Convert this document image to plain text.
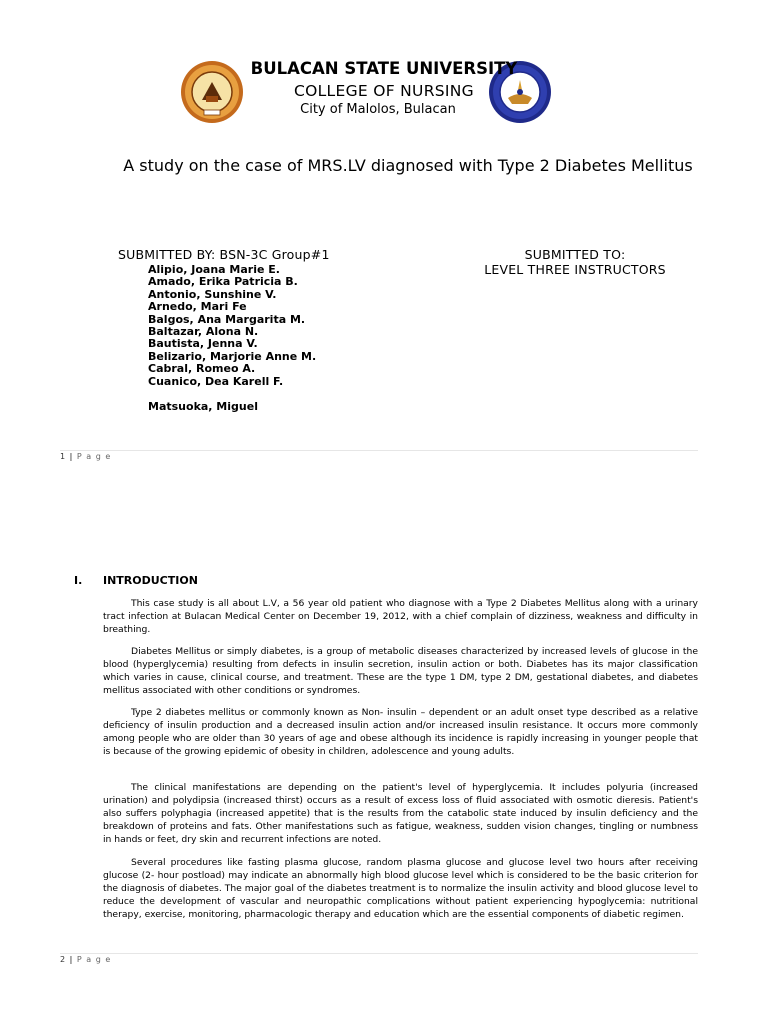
BULACAN STATE UNIVERSITY
COLLEGE OF NURSING
City of Malolos, Bulacan
A study on the case of MRS.LV diagnosed with Type 2 Diabetes Mellitus
SUBMITTED BY: BSN-3C Group#1	SUBMITTED TO:
LEVEL THREE INSTRUCTORS
Alipio, Joana Marie E.
Amado, Erika Patricia B.
Antonio, Sunshine V.
Arnedo, Mari Fe
Balgos, Ana Margarita M.
Baltazar, Alona N.
Bautista, Jenna V.
Belizario, Marjorie Anne M.
Cabral, Romeo A.
Cuanico, Dea Karell F.
Matsuoka, Miguel
1 | P a g e
I. INTRODUCTION

This case study is all about L.V, a 56 year old patient who diagnose with a Type 2 Diabetes Mellitus along with a urinary tract infection at Bulacan Medical Center on December 19, 2012, with a chief complain of dizziness, weakness and difficulty in breathing.

Diabetes Mellitus or simply diabetes, is a group of metabolic diseases characterized by increased levels of glucose in the blood (hyperglycemia) resulting from defects in insulin secretion, insulin action or both. Diabetes has its major classification which varies in cause, clinical course, and treatment. These are the type 1 DM, type 2 DM, gestational diabetes, and diabetes mellitus associated with other conditions or syndromes.

Type 2 diabetes mellitus or commonly known as Non- insulin – dependent or an adult onset type described as a relative deficiency of insulin production and a decreased insulin action and/or increased insulin resistance. It occurs more commonly among people who are older than 30 years of age and obese although its incidence is rapidly increasing in younger people that is because of the growing epidemic of obesity in children, adolescence and young adults.

The clinical manifestations are depending on the patient's level of hyperglycemia. It includes polyuria (increased urination) and polydipsia (increased thirst) occurs as a result of excess loss of fluid associated with osmotic dieresis. Patient's also suffers polyphagia (increased appetite) that is the results from the catabolic state induced by insulin deficiency and the breakdown of proteins and fats. Other manifestations such as fatigue, weakness, sudden vision changes, tingling or numbness in hands or feet, dry skin and recurrent infections are noted.

Several procedures like fasting plasma glucose, random plasma glucose and glucose level two hours after receiving glucose (2- hour postload) may indicate an abnormally high blood glucose level which is considered to be the basic criterion for the diagnosis of diabetes. The major goal of the diabetes treatment is to normalize the insulin activity and blood glucose level to reduce the development of vascular and neuropathic complications without patient experiencing hypoglycemia: nutritional therapy, exercise, monitoring, pharmacologic therapy and education which are the essential components of diabetic regimen.

2 | P a g e
